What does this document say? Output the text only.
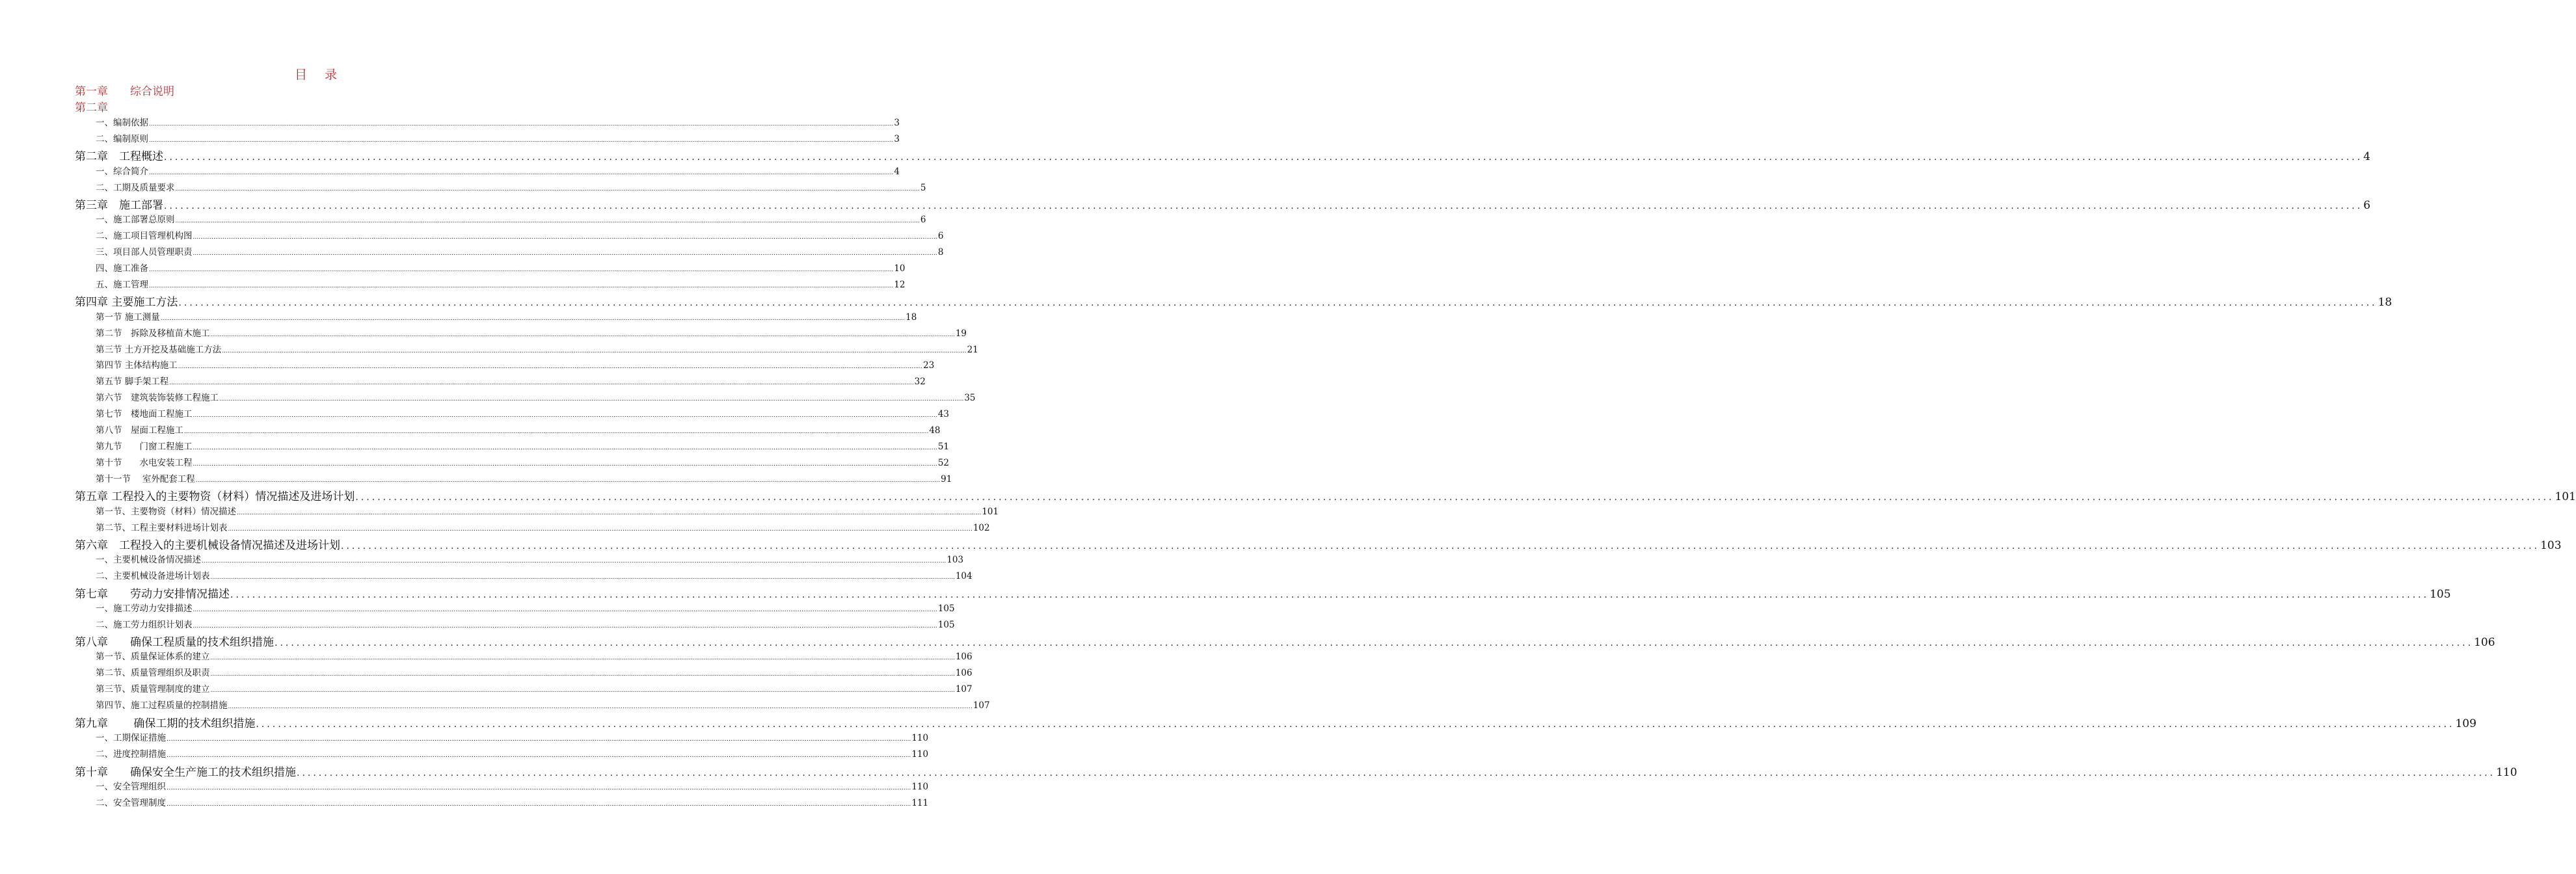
目　录
第一章　　综合说明
第二章
一、编制依据 ................................................................................................................................................................................................................................................................................................................................................................................................................ 3
二、编制原则 ................................................................................................................................................................................................................................................................................................................................................................................................................ 3
第二章　工程概述 ................................................................................................................................................................................................................................................................................................................................................................................................................ 4
一、综合简介 ................................................................................................................................................................................................................................................................................................................................................................................................................ 4
二、工期及质量要求 ................................................................................................................................................................................................................................................................................................................................................................................................................ 5
第三章　施工部署 ................................................................................................................................................................................................................................................................................................................................................................................................................ 6
一、施工部署总原则 ................................................................................................................................................................................................................................................................................................................................................................................................................ 6
二、施工项目管理机构图 ................................................................................................................................................................................................................................................................................................................................................................................................................ 6
三、项目部人员管理职责 ................................................................................................................................................................................................................................................................................................................................................................................................................ 8
四、施工准备 ................................................................................................................................................................................................................................................................................................................................................................................................................ 10
五、施工管理 ................................................................................................................................................................................................................................................................................................................................................................................................................ 12
第四章 主要施工方法 ................................................................................................................................................................................................................................................................................................................................................................................................................ 18
第一节 施工测量 ................................................................................................................................................................................................................................................................................................................................................................................................................ 18
第二节　拆除及移植苗木施工 ................................................................................................................................................................................................................................................................................................................................................................................................................ 19
第三节 土方开挖及基础施工方法 ................................................................................................................................................................................................................................................................................................................................................................................................................ 21
第四节 主体结构施工 ................................................................................................................................................................................................................................................................................................................................................................................................................ 23
第五节 脚手架工程 ................................................................................................................................................................................................................................................................................................................................................................................................................ 32
第六节　建筑装饰装修工程施工 ................................................................................................................................................................................................................................................................................................................................................................................................................ 35
第七节　楼地面工程施工 ................................................................................................................................................................................................................................................................................................................................................................................................................ 43
第八节　屋面工程施工 ................................................................................................................................................................................................................................................................................................................................................................................................................ 48
第九节　　门窗工程施工 ................................................................................................................................................................................................................................................................................................................................................................................................................ 51
第十节　　水电安装工程 ................................................................................................................................................................................................................................................................................................................................................................................................................ 52
第十一节　 室外配套工程 ................................................................................................................................................................................................................................................................................................................................................................................................................ 91
第五章 工程投入的主要物资（材料）情况描述及进场计划 ................................................................................................................................................................................................................................................................................................................................................................................................................ 101
第一节、主要物资（材料）情况描述 ................................................................................................................................................................................................................................................................................................................................................................................................................ 101
第二节、工程主要材料进场计划表 ................................................................................................................................................................................................................................................................................................................................................................................................................ 102
第六章　工程投入的主要机械设备情况描述及进场计划 ................................................................................................................................................................................................................................................................................................................................................................................................................ 103
一、主要机械设备情况描述 ................................................................................................................................................................................................................................................................................................................................................................................................................ 103
二、主要机械设备进场计划表 ................................................................................................................................................................................................................................................................................................................................................................................................................ 104
第七章　　劳动力安排情况描述 ................................................................................................................................................................................................................................................................................................................................................................................................................ 105
一、施工劳动力安排描述 ................................................................................................................................................................................................................................................................................................................................................................................................................ 105
二、施工劳力组织计划表 ................................................................................................................................................................................................................................................................................................................................................................................................................ 105
第八章　　确保工程质量的技术组织措施 ................................................................................................................................................................................................................................................................................................................................................................................................................ 106
第一节、质量保证体系的建立 ................................................................................................................................................................................................................................................................................................................................................................................................................ 106
第二节、质量管理组织及职责 ................................................................................................................................................................................................................................................................................................................................................................................................................ 106
第三节、质量管理制度的建立 ................................................................................................................................................................................................................................................................................................................................................................................................................ 107
第四节、施工过程质量的控制措施 ................................................................................................................................................................................................................................................................................................................................................................................................................ 107
第九章　　 确保工期的技术组织措施 ................................................................................................................................................................................................................................................................................................................................................................................................................ 109
一、工期保证措施 ................................................................................................................................................................................................................................................................................................................................................................................................................ 110
二、进度控制措施 ................................................................................................................................................................................................................................................................................................................................................................................................................ 110
第十章　　确保安全生产施工的技术组织措施 ................................................................................................................................................................................................................................................................................................................................................................................................................ 110
一、安全管理组织 ................................................................................................................................................................................................................................................................................................................................................................................................................ 110
二、安全管理制度 ................................................................................................................................................................................................................................................................................................................................................................................................................ 111
